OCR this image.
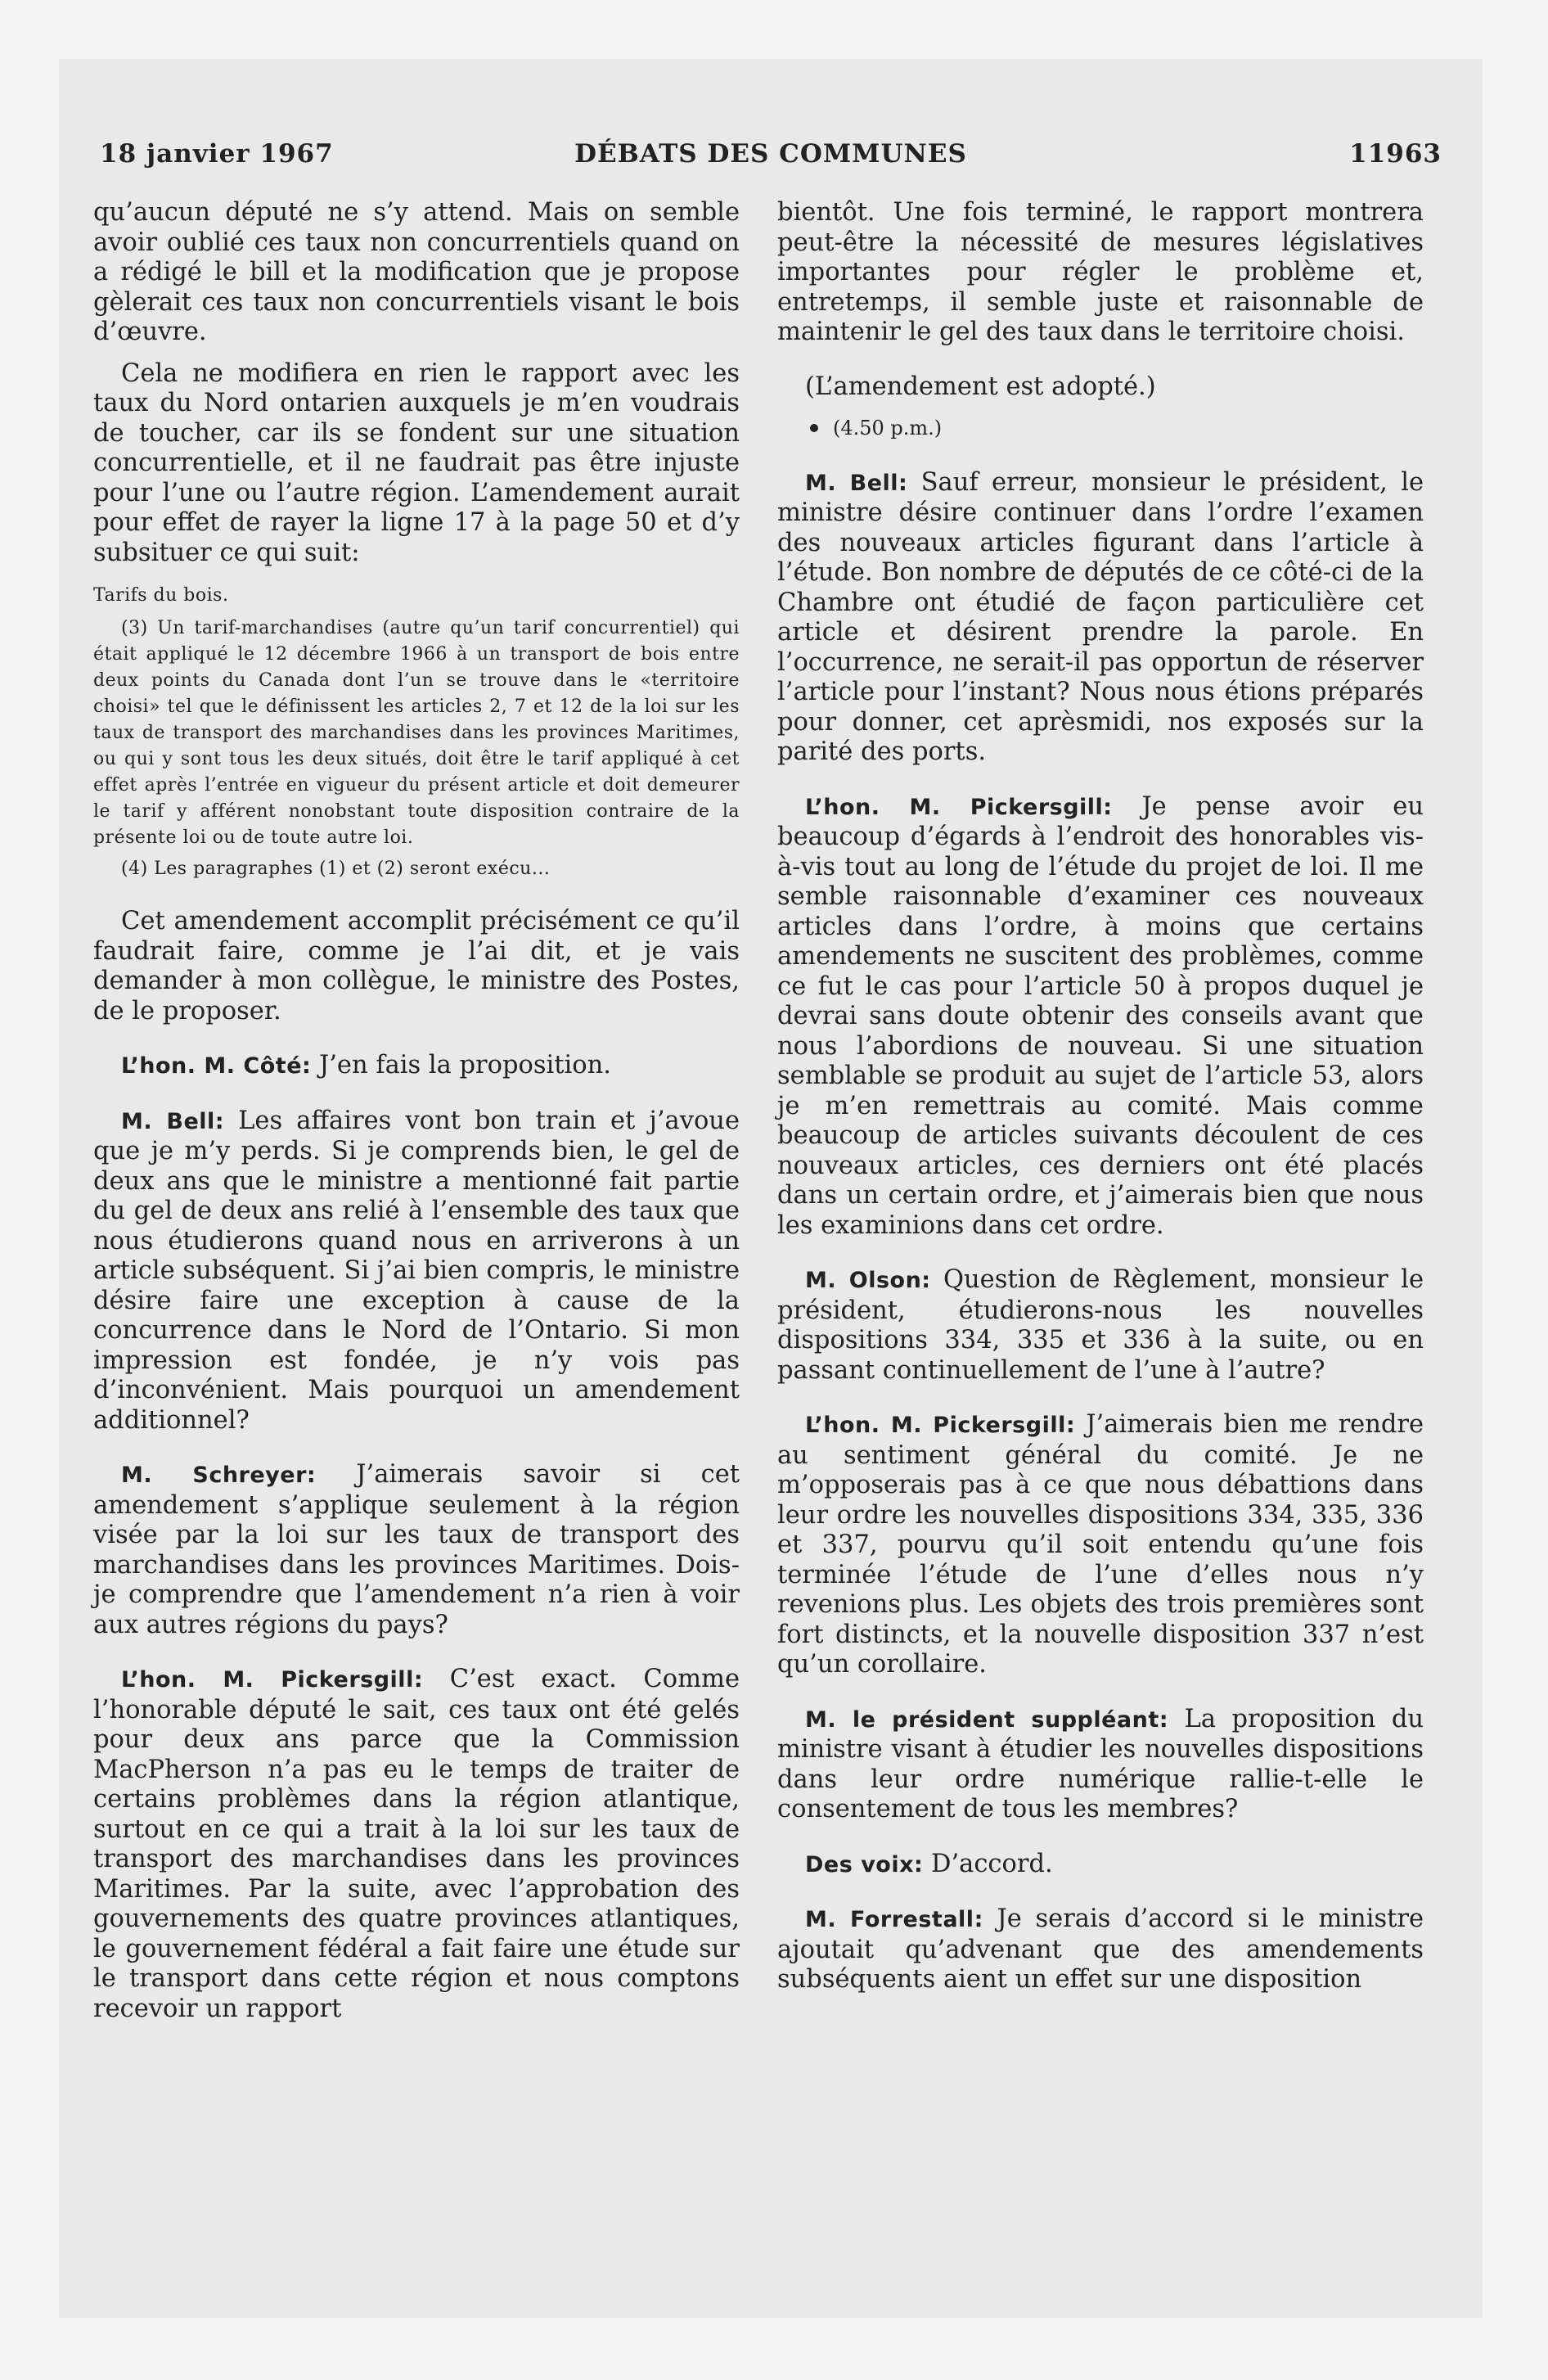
18 janvier 1967	DÉBATS DES COMMUNES	11963

qu’aucun député ne s’y attend. Mais on semble avoir oublié ces taux non concurrentiels quand on a rédigé le bill et la modification que je propose gèlerait ces taux non concurrentiels visant le bois d’œuvre.

Cela ne modifiera en rien le rapport avec les taux du Nord ontarien auxquels je m’en voudrais de toucher, car ils se fondent sur une situation concurrentielle, et il ne faudrait pas être injuste pour l’une ou l’autre région. L’amendement aurait pour effet de rayer la ligne 17 à la page 50 et d’y subsituer ce qui suit:

Tarifs du bois.

(3) Un tarif-marchandises (autre qu’un tarif concurrentiel) qui était appliqué le 12 décembre 1966 à un transport de bois entre deux points du Canada dont l’un se trouve dans le «territoire choisi» tel que le définissent les articles 2, 7 et 12 de la loi sur les taux de transport des marchandises dans les provinces Maritimes, ou qui y sont tous les deux situés, doit être le tarif appliqué à cet effet après l’entrée en vigueur du présent article et doit demeurer le tarif y afférent nonobstant toute disposition contraire de la présente loi ou de toute autre loi.

(4) Les paragraphes (1) et (2) seront exécu...

Cet amendement accomplit précisément ce qu’il faudrait faire, comme je l’ai dit, et je vais demander à mon collègue, le ministre des Postes, de le proposer.

L’hon. M. Côté: J’en fais la proposition.

M. Bell: Les affaires vont bon train et j’avoue que je m’y perds. Si je comprends bien, le gel de deux ans que le ministre a mentionné fait partie du gel de deux ans relié à l’ensemble des taux que nous étudierons quand nous en arriverons à un article subséquent. Si j’ai bien compris, le ministre désire faire une exception à cause de la concurrence dans le Nord de l’Ontario. Si mon impression est fondée, je n’y vois pas d’inconvénient. Mais pourquoi un amendement additionnel?

M. Schreyer: J’aimerais savoir si cet amendement s’applique seulement à la région visée par la loi sur les taux de transport des marchandises dans les provinces Maritimes. Dois-je comprendre que l’amendement n’a rien à voir aux autres régions du pays?

L’hon. M. Pickersgill: C’est exact. Comme l’honorable député le sait, ces taux ont été gelés pour deux ans parce que la Commission MacPherson n’a pas eu le temps de traiter de certains problèmes dans la région atlantique, surtout en ce qui a trait à la loi sur les taux de transport des marchandises dans les provinces Maritimes. Par la suite, avec l’approbation des gouvernements des quatre provinces atlantiques, le gouvernement fédéral a fait faire une étude sur le transport dans cette région et nous comptons recevoir un rapport

bientôt. Une fois terminé, le rapport montrera peut-être la nécessité de mesures législatives importantes pour régler le problème et, entretemps, il semble juste et raisonnable de maintenir le gel des taux dans le territoire choisi.

(L’amendement est adopté.)

(4.50 p.m.)

M. Bell: Sauf erreur, monsieur le président, le ministre désire continuer dans l’ordre l’examen des nouveaux articles figurant dans l’article à l’étude. Bon nombre de députés de ce côté-ci de la Chambre ont étudié de façon particulière cet article et désirent prendre la parole. En l’occurrence, ne serait-il pas opportun de réserver l’article pour l’instant? Nous nous étions préparés pour donner, cet aprèsmidi, nos exposés sur la parité des ports.

L’hon. M. Pickersgill: Je pense avoir eu beaucoup d’égards à l’endroit des honorables vis-à-vis tout au long de l’étude du projet de loi. Il me semble raisonnable d’examiner ces nouveaux articles dans l’ordre, à moins que certains amendements ne suscitent des problèmes, comme ce fut le cas pour l’article 50 à propos duquel je devrai sans doute obtenir des conseils avant que nous l’abordions de nouveau. Si une situation semblable se produit au sujet de l’article 53, alors je m’en remettrais au comité. Mais comme beaucoup de articles suivants découlent de ces nouveaux articles, ces derniers ont été placés dans un certain ordre, et j’aimerais bien que nous les examinions dans cet ordre.

M. Olson: Question de Règlement, monsieur le président, étudierons-nous les nouvelles dispositions 334, 335 et 336 à la suite, ou en passant continuellement de l’une à l’autre?

L’hon. M. Pickersgill: J’aimerais bien me rendre au sentiment général du comité. Je ne m’opposerais pas à ce que nous débattions dans leur ordre les nouvelles dispositions 334, 335, 336 et 337, pourvu qu’il soit entendu qu’une fois terminée l’étude de l’une d’elles nous n’y revenions plus. Les objets des trois premières sont fort distincts, et la nouvelle disposition 337 n’est qu’un corollaire.

M. le président suppléant: La proposition du ministre visant à étudier les nouvelles dispositions dans leur ordre numérique rallie-t-elle le consentement de tous les membres?

Des voix: D’accord.

M. Forrestall: Je serais d’accord si le ministre ajoutait qu’advenant que des amendements subséquents aient un effet sur une disposition
